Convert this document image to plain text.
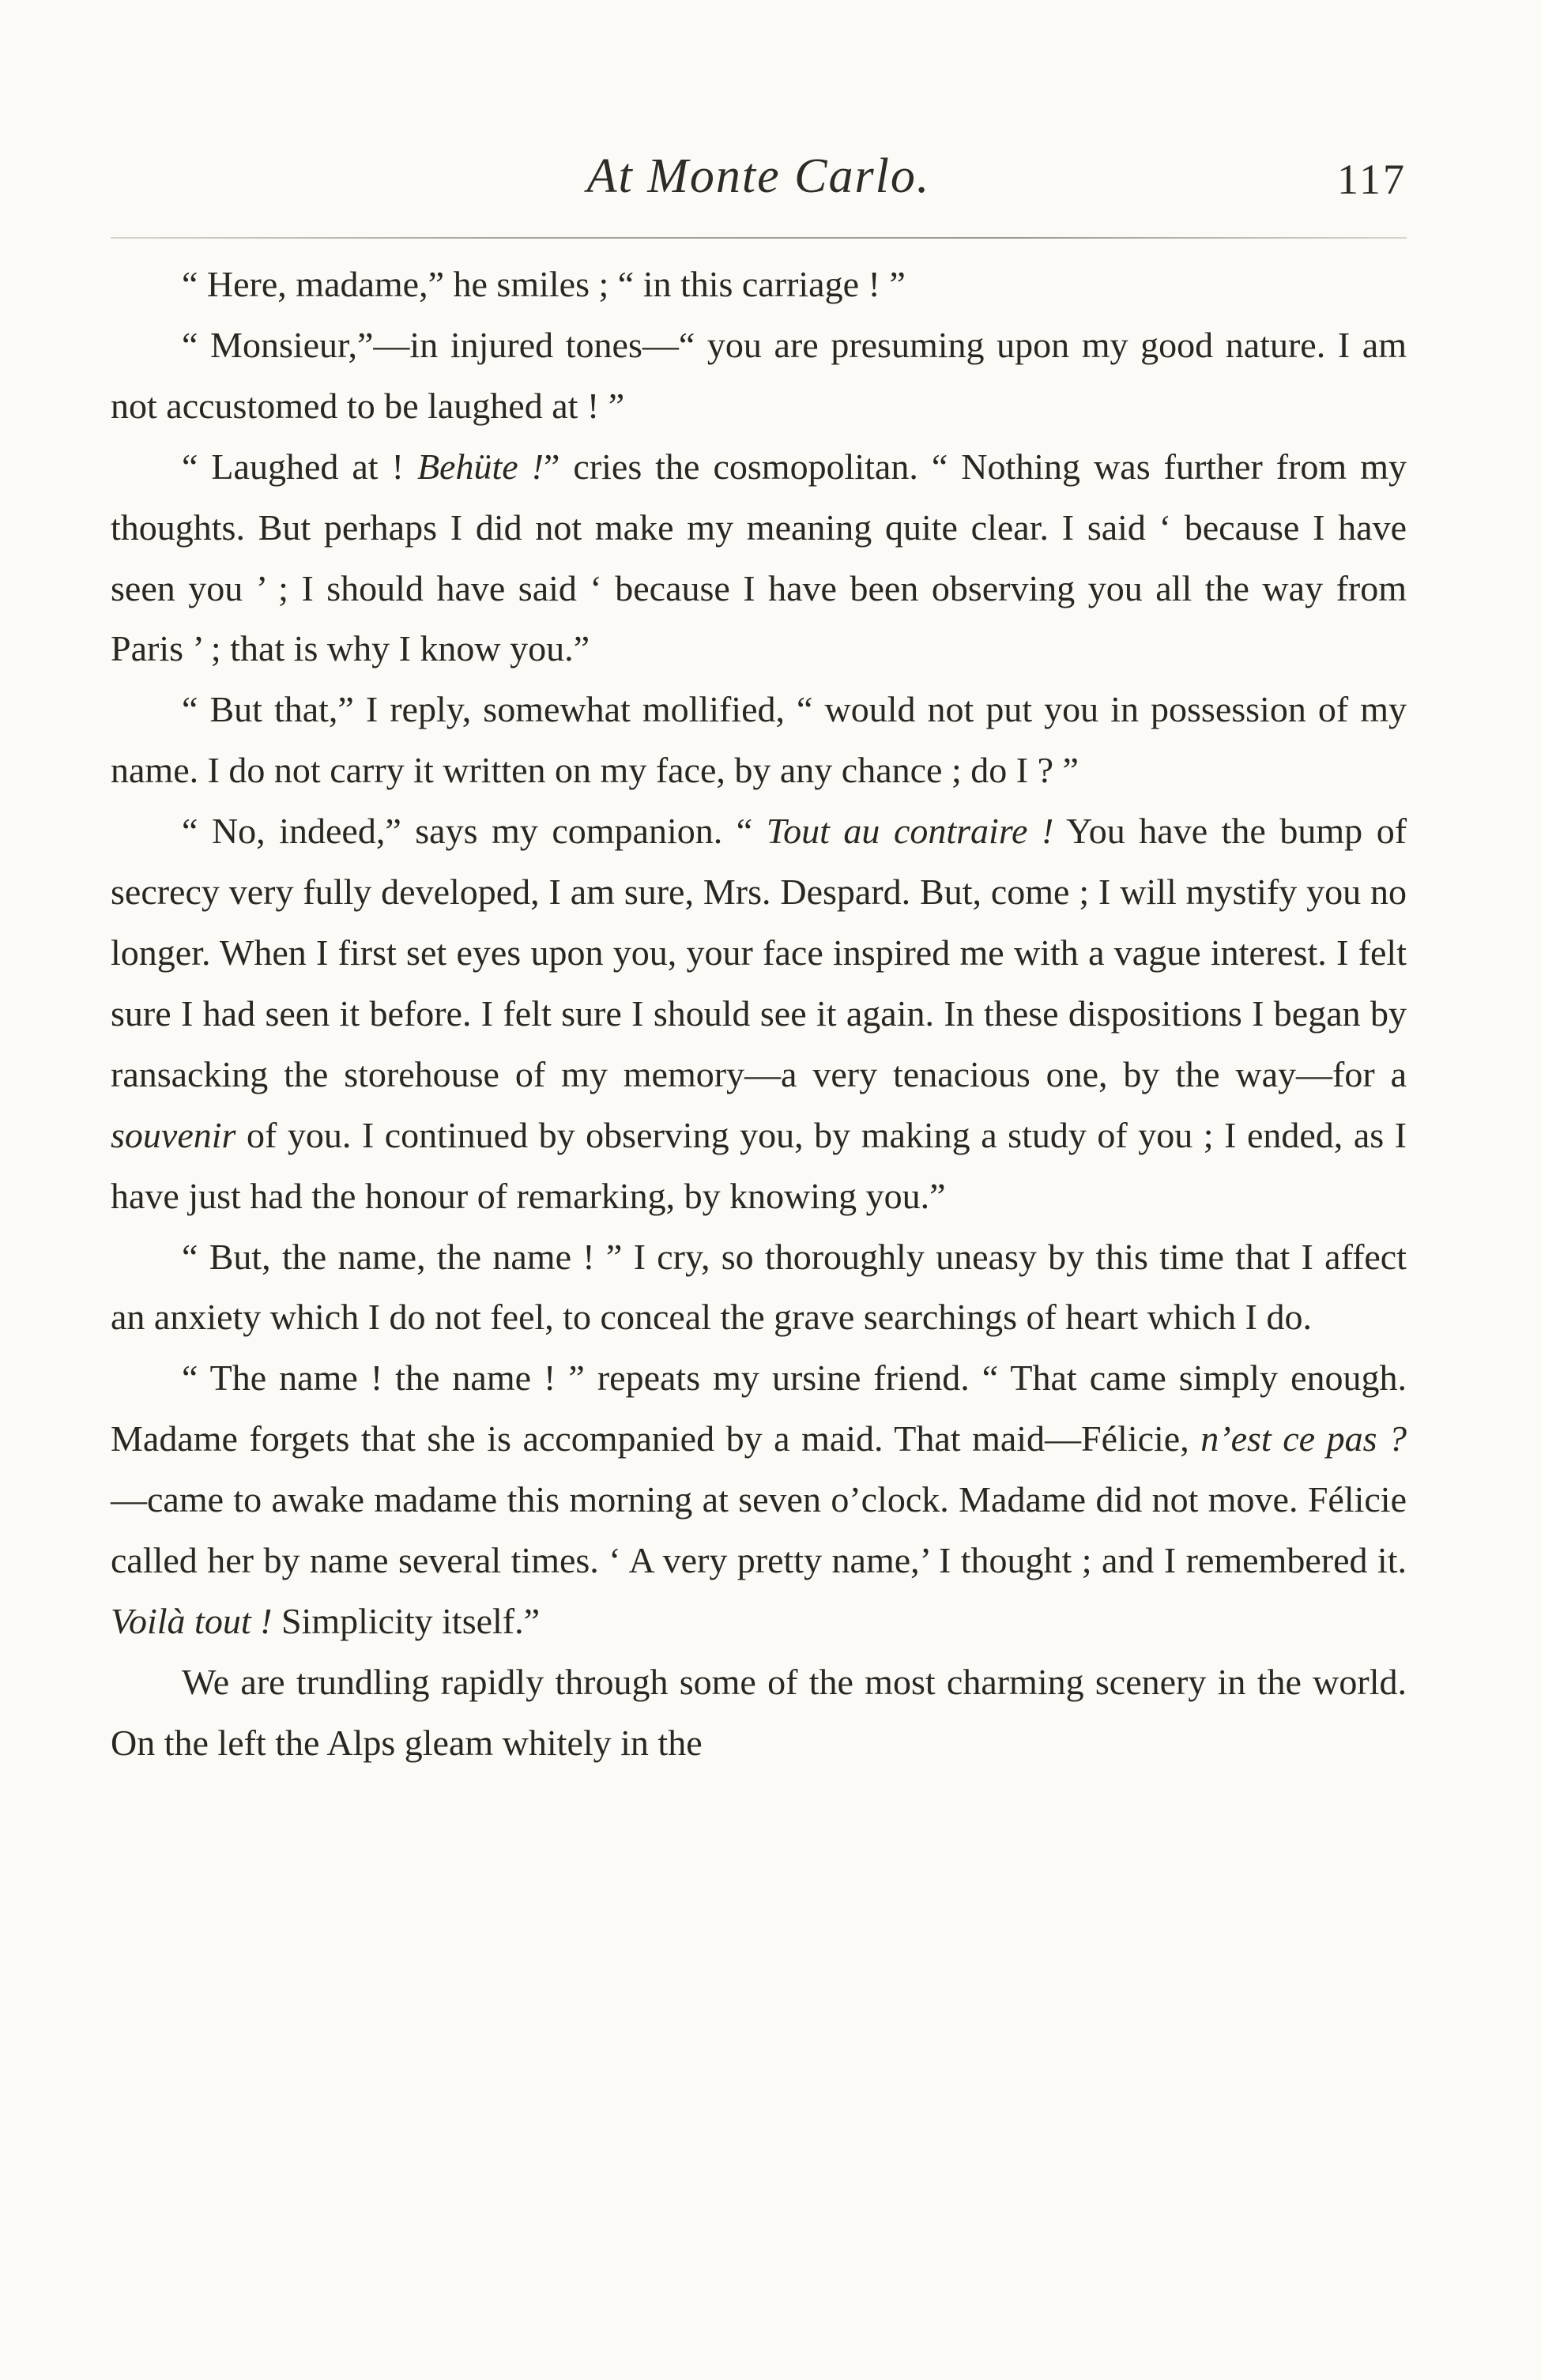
At Monte Carlo.	117

“ Here, madame,” he smiles ; “ in this carriage ! ”

“ Monsieur,”—in injured tones—“ you are presuming upon my good nature. I am not accustomed to be laughed at ! ”

“ Laughed at ! Behüte !” cries the cosmopolitan. “ Nothing was further from my thoughts. But perhaps I did not make my meaning quite clear. I said ‘ because I have seen you ’ ; I should have said ‘ because I have been observing you all the way from Paris ’ ; that is why I know you.”

“ But that,” I reply, somewhat mollified, “ would not put you in possession of my name. I do not carry it written on my face, by any chance ; do I ? ”

“ No, indeed,” says my companion. “ Tout au contraire ! You have the bump of secrecy very fully developed, I am sure, Mrs. Despard. But, come ; I will mystify you no longer. When I first set eyes upon you, your face inspired me with a vague interest. I felt sure I had seen it before. I felt sure I should see it again. In these dispositions I began by ransacking the storehouse of my memory—a very tenacious one, by the way—for a souvenir of you. I continued by observing you, by making a study of you ; I ended, as I have just had the honour of remarking, by knowing you.”

“ But, the name, the name ! ” I cry, so thoroughly uneasy by this time that I affect an anxiety which I do not feel, to conceal the grave searchings of heart which I do.

“ The name ! the name ! ” repeats my ursine friend. “ That came simply enough. Madame forgets that she is accompanied by a maid. That maid—Félicie, n’est ce pas ?—came to awake madame this morning at seven o’clock. Madame did not move. Félicie called her by name several times. ‘ A very pretty name,’ I thought ; and I remembered it. Voilà tout ! Simplicity itself.”

We are trundling rapidly through some of the most charming scenery in the world. On the left the Alps gleam whitely in the
